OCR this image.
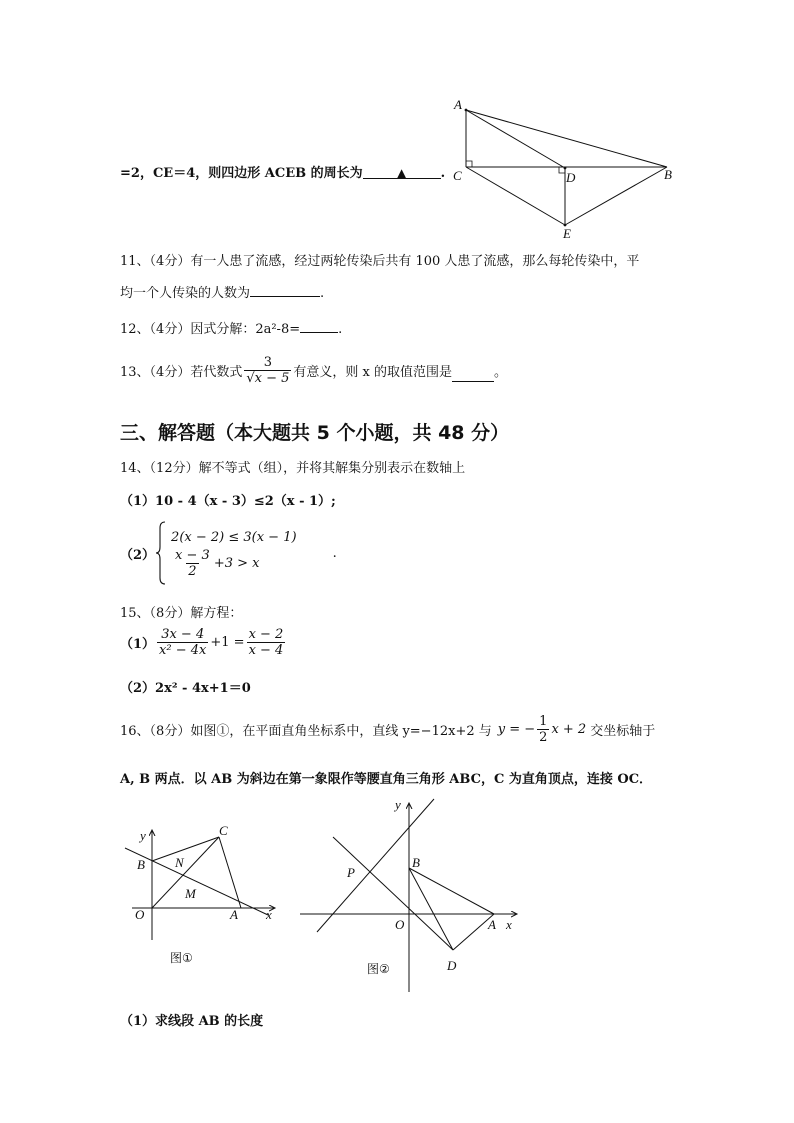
A
C	D	B
E
=2，CE＝4，则四边形 ACEB 的周长为	▲	.
11、（4分）有一人患了流感，经过两轮传染后共有 100 人患了流感，那么每轮传染中，平
均一个人传染的人数为	.
12、（4分）因式分解：2a²-8=	.
13、（4分）若代数式 $\frac{3}{√x - 5}$ 有意义，则 x 的取值范围是	。
三、解答题（本大题共 5 个小题，共 48 分）
14、（12分）解不等式（组），并将其解集分别表示在数轴上
（1）10 - 4（x - 3）≤2（x - 1）;
（2）
2(x − 2) ≤ 3(x − 1)
$\frac{x - 3}{2} +3 > x$
.
15、（8分）解方程：
$(1) \frac{3x - 4}{\text{x² − 4x}} +1 = \frac{x - 2}{x - 4}$
（2）2x² - 4x+1＝0
16、（8分）如图①，在平面直角坐标系中，直线 y=−12x+2 与 y = − $\frac{1}{2}$ x + 2 交坐标轴于
A, B 两点．以 AB 为斜边在第一象限作等腰直角三角形 ABC，C 为直角顶点，连接 OC．
y	C
B N
M
O	A x
图①
y
B
P
O	A x
D
图②
（1）求线段 AB 的长度
